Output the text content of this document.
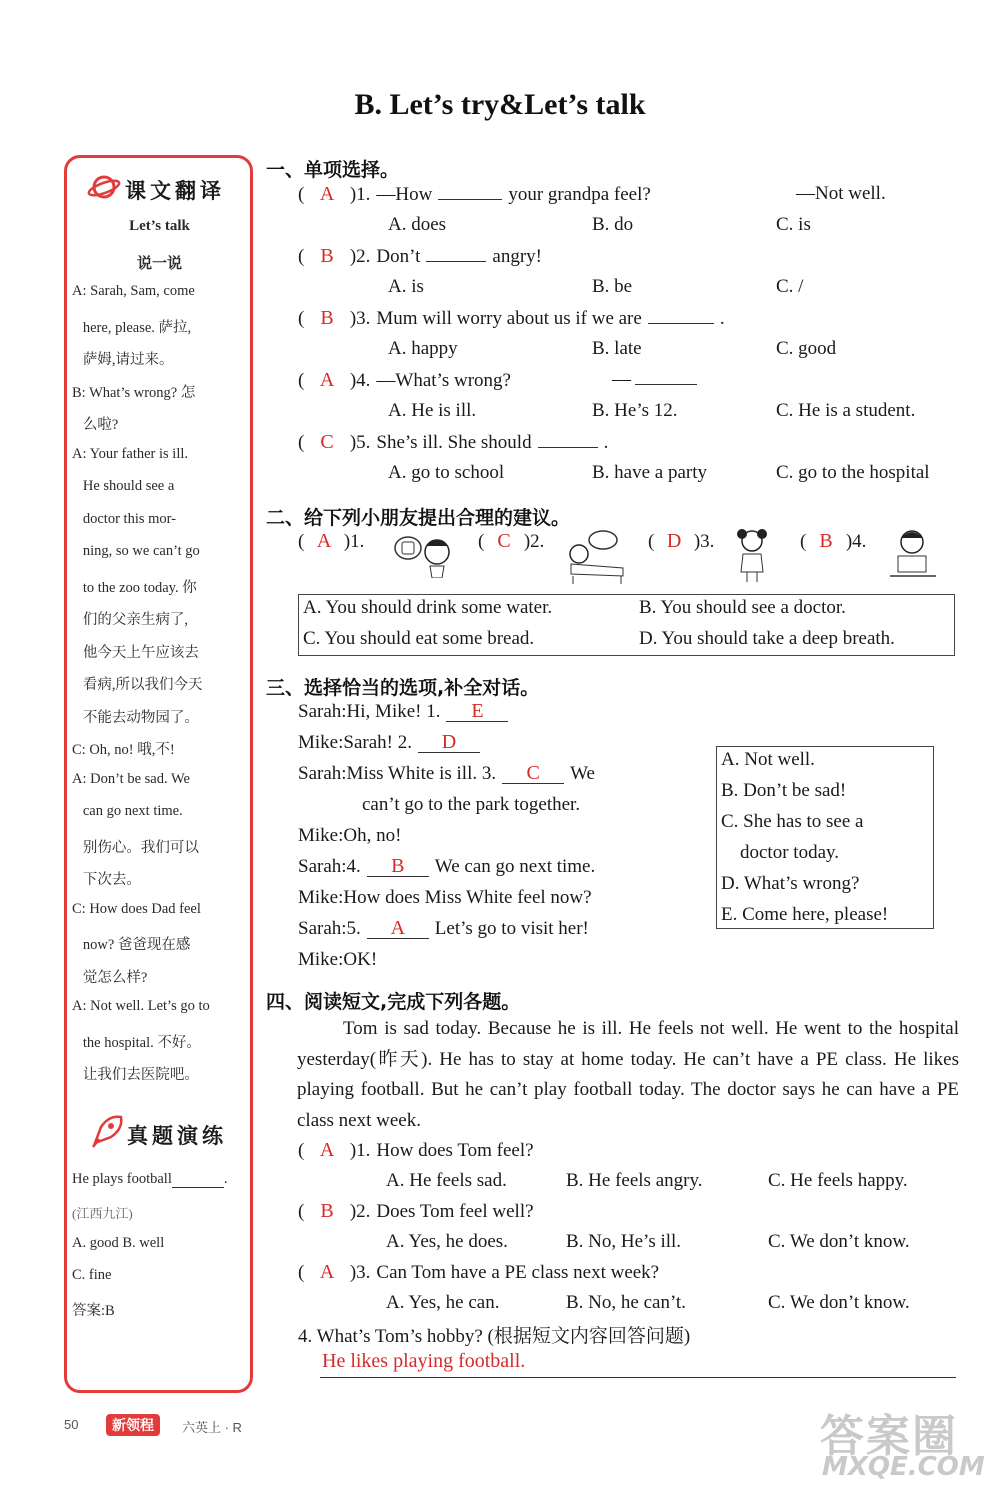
B. Let’s try&Let’s talk
课文翻译
Let’s talk
说一说
A: Sarah, Sam, come
here, please. 萨拉,
萨姆,请过来。
B: What’s wrong? 怎
么啦?
A: Your father is ill.
He should see a
doctor this mor-
ning, so we can’t go
to the zoo today. 你
们的父亲生病了,
他今天上午应该去
看病,所以我们今天
不能去动物园了。
C: Oh, no! 哦,不!
A: Don’t be sad. We
can go next time.
别伤心。我们可以
下次去。
C: How does Dad feel
now? 爸爸现在感
觉怎么样?
A: Not well. Let’s go to
the hospital. 不好。
让我们去医院吧。
真题演练
He plays football	.
(江西九江)
A. good B. well
C. fine
答案:B
一、单项选择。
( A )1. —How	your grandpa feel?	—Not well.
A. does	B. do	C. is
( B )2. Don’t	angry!
A. is	B. be	C. /
( B )3. Mum will worry about us if we are	.
A. happy	B. late	C. good
( A )4. —What’s wrong?	—
A. He is ill.	B. He’s 12.	C. He is a student.
( C )5. She’s ill. She should	.
A. go to school	B. have a party	C. go to the hospital
二、给下列小朋友提出合理的建议。
( A )1.	( C )2.	( D )3.	( B )4.
A. You should drink some water.	B. You should see a doctor.
C. You should eat some bread.	D. You should take a deep breath.
三、选择恰当的选项,补全对话。
Sarah:Hi, Mike! 1. E
Mike:Sarah! 2. D
Sarah:Miss White is ill. 3. C We
can’t go to the park together.
Mike:Oh, no!
Sarah:4. B We can go next time.
Mike:How does Miss White feel now?
Sarah:5. A Let’s go to visit her!
Mike:OK!
A. Not well.
B. Don’t be sad!
C. She has to see a
doctor today.
D. What’s wrong?
E. Come here, please!
四、阅读短文,完成下列各题。
Tom is sad today. Because he is ill. He feels not well. He went to the hospital yesterday(昨天). He has to stay at home today. He can’t have a PE class. He likes playing football. But he can’t play football today. The doctor says he can have a PE class next week.
( A )1. How does Tom feel?
A. He feels sad.	B. He feels angry.	C. He feels happy.
( B )2. Does Tom feel well?
A. Yes, he does.	B. No, He’s ill.	C. We don’t know.
( A )3. Can Tom have a PE class next week?
A. Yes, he can.	B. No, he can’t.	C. We don’t know.
4. What’s Tom’s hobby? (根据短文内容回答问题)
He likes playing football.
50	新领程	六英上 · R	答案圈
MXQE.COM
